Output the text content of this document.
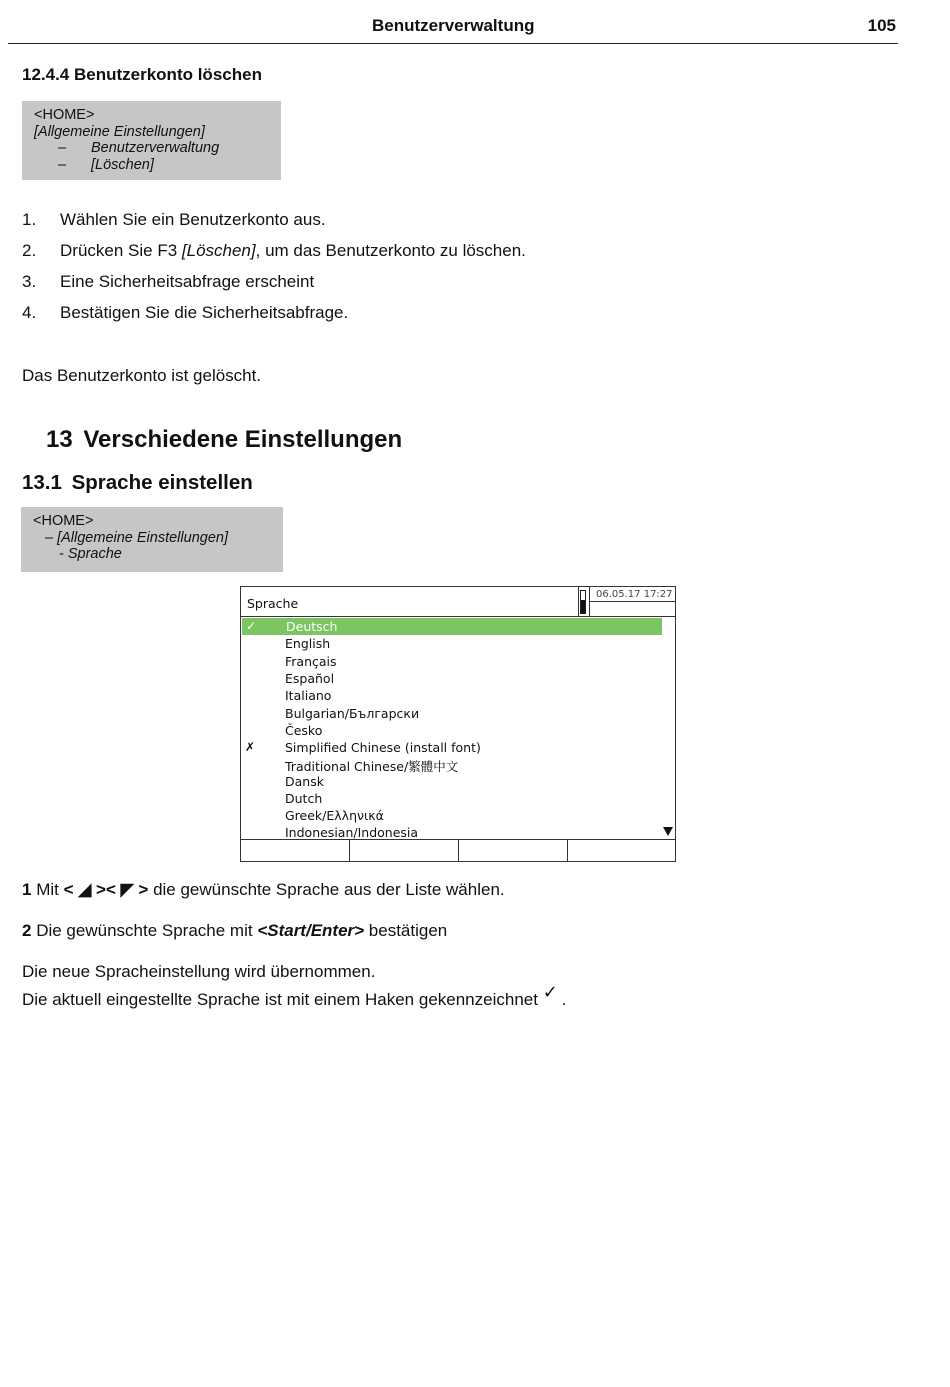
Benutzerverwaltung	105
12.4.4 Benutzerkonto löschen
<HOME>
[Allgemeine Einstellungen]
– Benutzerverwaltung
– [Löschen]
1. Wählen Sie ein Benutzerkonto aus.
2. Drücken Sie F3 [Löschen], um das Benutzerkonto zu löschen.
3. Eine Sicherheitsabfrage erscheint
4. Bestätigen Sie die Sicherheitsabfrage.
Das Benutzerkonto ist gelöscht.
13 Verschiedene Einstellungen
13.1 Sprache einstellen
<HOME>
– [Allgemeine Einstellungen]
- Sprache
Sprache
06.05.17 17:27
✓ Deutsch
English
Français
Español
Italiano
Bulgarian/Български
Česko
✗ Simplified Chinese (install font)
Traditional Chinese/繁體中文
Dansk
Dutch
Greek/Ελληνικά
Indonesian/Indonesia
1 Mit < ◢ >< ◤ > die gewünschte Sprache aus der Liste wählen.
2 Die gewünschte Sprache mit <Start/Enter> bestätigen
Die neue Spracheinstellung wird übernommen.
Die aktuell eingestellte Sprache ist mit einem Haken gekennzeichnet ✓ .
